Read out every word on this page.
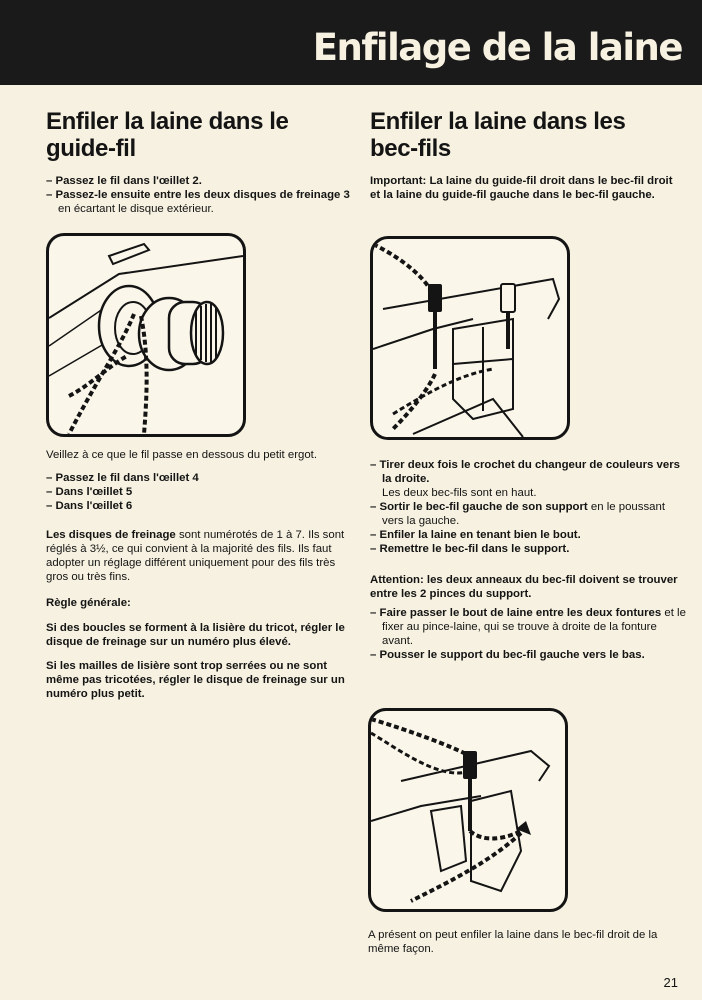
Enfilage de la laine
Enfiler la laine dans le guide-fil
– Passez le fil dans l'œillet 2.
– Passez-le ensuite entre les deux disques de freinage 3 en écartant le disque extérieur.

Veillez à ce que le fil passe en dessous du petit ergot.

– Passez le fil dans l'œillet 4
– Dans l'œillet 5
– Dans l'œillet 6

Les disques de freinage sont numérotés de 1 à 7. Ils sont réglés à 3½, ce qui convient à la majorité des fils. Ils faut adopter un réglage différent uniquement pour des fils très gros ou très fins.

Règle générale:

Si des boucles se forment à la lisière du tricot, régler le disque de freinage sur un numéro plus élevé.

Si les mailles de lisière sont trop serrées ou ne sont même pas tricotées, régler le disque de freinage sur un numéro plus petit.

Enfiler la laine dans les bec-fils

Important: La laine du guide-fil droit dans le bec-fil droit et la laine du guide-fil gauche dans le bec-fil gauche.

– Tirer deux fois le crochet du changeur de couleurs vers la droite.
Les deux bec-fils sont en haut.
– Sortir le bec-fil gauche de son support en le poussant vers la gauche.
– Enfiler la laine en tenant bien le bout.
– Remettre le bec-fil dans le support.

Attention: les deux anneaux du bec-fil doivent se trouver entre les 2 pinces du support.

– Faire passer le bout de laine entre les deux fontures et le fixer au pince-laine, qui se trouve à droite de la fonture avant.
– Pousser le support du bec-fil gauche vers le bas.

A présent on peut enfiler la laine dans le bec-fil droit de la même façon.

21
